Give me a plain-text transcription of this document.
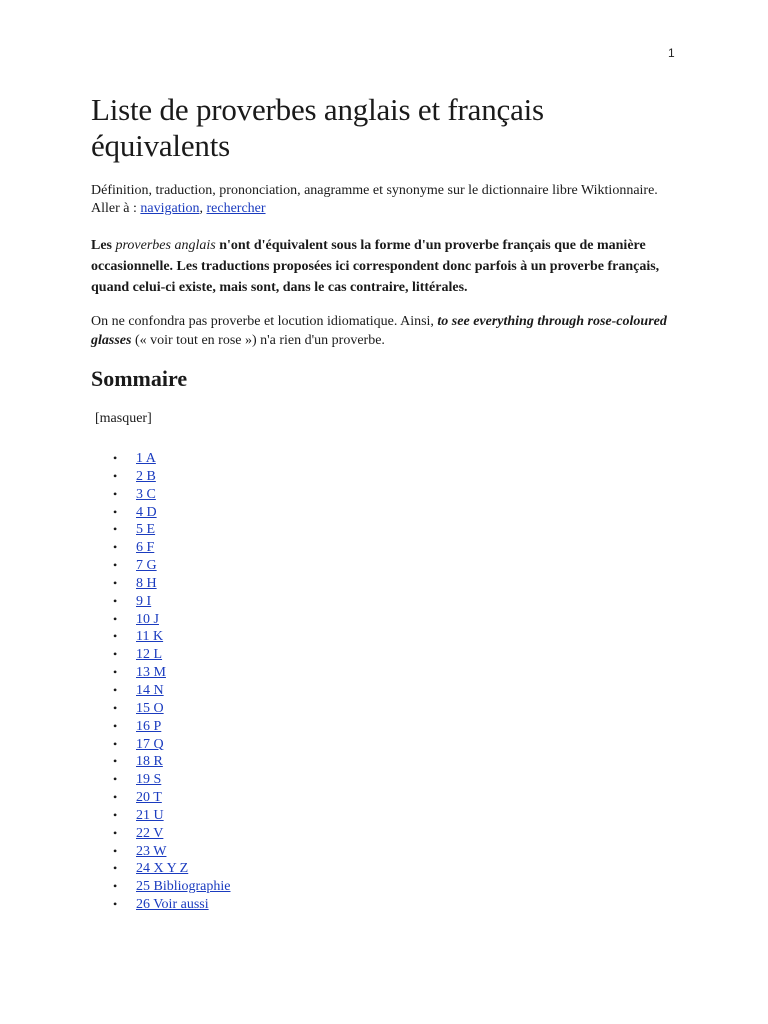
1
Liste de proverbes anglais et français équivalents

Définition, traduction, prononciation, anagramme et synonyme sur le dictionnaire libre Wiktionnaire.
Aller à : navigation, rechercher

Les proverbes anglais n'ont d'équivalent sous la forme d'un proverbe français que de manière occasionnelle. Les traductions proposées ici correspondent donc parfois à un proverbe français, quand celui-ci existe, mais sont, dans le cas contraire, littérales.

On ne confondra pas proverbe et locution idiomatique. Ainsi, to see everything through rose-coloured glasses (« voir tout en rose ») n'a rien d'un proverbe.

Sommaire
[masquer]
• 1 A
• 2 B
• 3 C
• 4 D
• 5 E
• 6 F
• 7 G
• 8 H
• 9 I
• 10 J
• 11 K
• 12 L
• 13 M
• 14 N
• 15 O
• 16 P
• 17 Q
• 18 R
• 19 S
• 20 T
• 21 U
• 22 V
• 23 W
• 24 X Y Z
• 25 Bibliographie
• 26 Voir aussi
